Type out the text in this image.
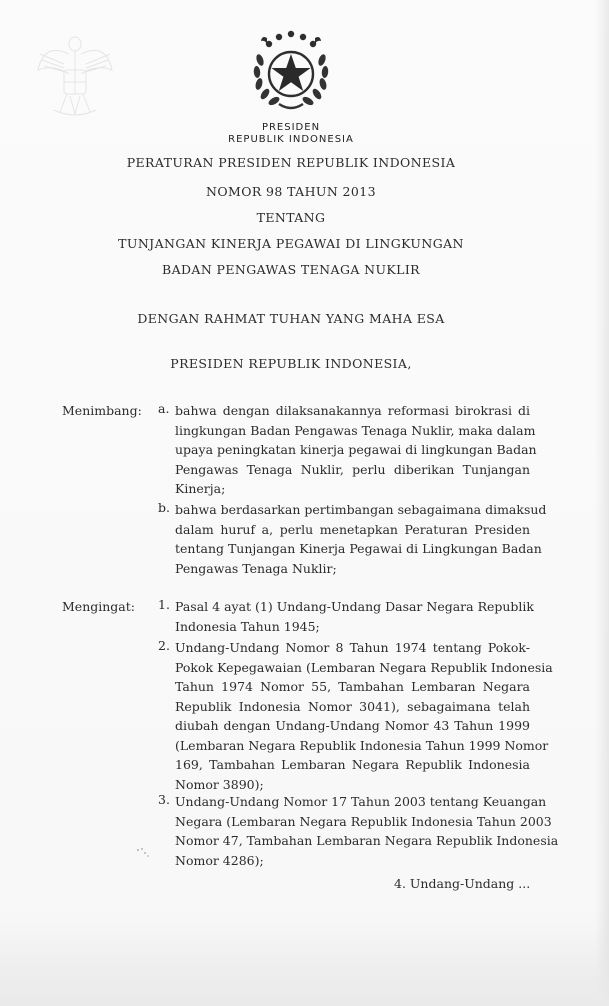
PRESIDEN
REPUBLIK INDONESIA
PERATURAN PRESIDEN REPUBLIK INDONESIA
NOMOR 98 TAHUN 2013
TENTANG
TUNJANGAN KINERJA PEGAWAI DI LINGKUNGAN
BADAN PENGAWAS TENAGA NUKLIR
DENGAN RAHMAT TUHAN YANG MAHA ESA
PRESIDEN REPUBLIK INDONESIA,
Menimbang: a. bahwa dengan dilaksanakannya reformasi birokrasi di
lingkungan Badan Pengawas Tenaga Nuklir, maka dalam
upaya peningkatan kinerja pegawai di lingkungan Badan
Pengawas Tenaga Nuklir, perlu diberikan Tunjangan
Kinerja;
b. bahwa berdasarkan pertimbangan sebagaimana dimaksud
dalam huruf a, perlu menetapkan Peraturan Presiden
tentang Tunjangan Kinerja Pegawai di Lingkungan Badan
Pengawas Tenaga Nuklir;
Mengingat: 1. Pasal 4 ayat (1) Undang-Undang Dasar Negara Republik
Indonesia Tahun 1945;
2. Undang-Undang Nomor 8 Tahun 1974 tentang Pokok-
Pokok Kepegawaian (Lembaran Negara Republik Indonesia
Tahun 1974 Nomor 55, Tambahan Lembaran Negara
Republik Indonesia Nomor 3041), sebagaimana telah
diubah dengan Undang-Undang Nomor 43 Tahun 1999
(Lembaran Negara Republik Indonesia Tahun 1999 Nomor
169, Tambahan Lembaran Negara Republik Indonesia
Nomor 3890);
3. Undang-Undang Nomor 17 Tahun 2003 tentang Keuangan
Negara (Lembaran Negara Republik Indonesia Tahun 2003
Nomor 47, Tambahan Lembaran Negara Republik Indonesia
Nomor 4286);
4. Undang-Undang ...
